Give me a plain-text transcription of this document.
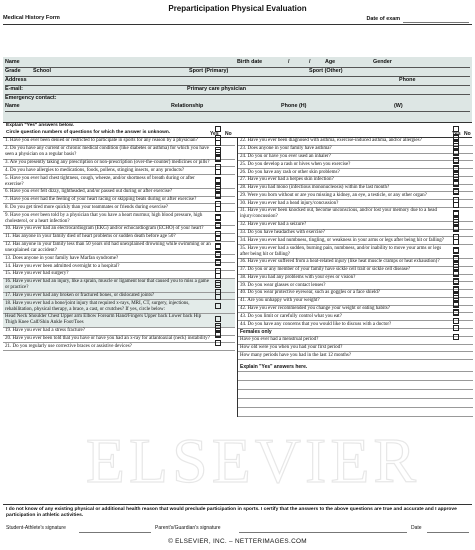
ELSEVIER
Preparticipation Physical Evaluation
Medical History Form	Date of exam
Name	Birth date	/	/	Age	Gender
Grade School	Sport (Primary)	Sport (Other)
Address	Phone
E-mail:	Primary care physician
Emergency contact:
Name	Relationship	Phone (H)	(W)
Explain "Yes" answers below.
Circle question numbers of questions for which the answer is unknown.	Yes No	Yes No
1. Have you ever been denied or restricted to participate in sports for any reason by a physician?
2. Do you have any current or chronic medical condition (like diabetes or asthma) for which you have seen a physician on a regular basis?
3. Are you presently taking any prescription or non-prescription (over-the-counter) medicines or pills?
4. Do you have allergies to medications, foods, pollens, stinging insects, or any products?
5. Have you ever had chest tightness, cough, wheeze, and/or shortness of breath during or after exercise?
6. Have you ever felt dizzy, lightheaded, and/or passed out during or after exercise?
7. Have you ever had the feeling of your heart racing or skipping beats during or after exercise?
8. Do you get tired more quickly than your teammates or friends during exercise?
9. Have you ever been told by a physician that you have a heart murmur, high blood pressure, high cholesterol, or a heart infection?
10. Have you ever had an electrocardiogram (EKG) and/or echocardiogram (ECHO) of your heart?
11. Has anyone in your family died of heart problems or sudden death before age 50?
12. Has anyone in your family less than 50 years old had unexplained drowning while swimming or an unexplained car accident?
13. Does anyone in your family have Marfan syndrome?
14. Have you ever been admitted overnight to a hospital?
15. Have you ever had surgery?
16. Have you ever had an injury, like a sprain, muscle or ligament tear that caused you to miss a game or practice?
17. Have you ever had any broken or fractured bones, or dislocated joints?
18. Have you ever had a bone/joint injury that required x-rays, MRI, CT, surgery, injections, rehabilitation, physical therapy, a brace, a cast, or crutches? If yes, circle below:
Head Neck Shoulder Chest Upper arm Elbow Forearm Hand/Fingers Upper back Lower back Hip Thigh Knee Calf/Shin Ankle Foot/Toes
19. Have you ever had a stress fracture?
20. Have you ever been told that you have or have you had an x-ray for atlantoaxial (neck) instability?
21. Do you regularly use corrective braces or assistive devices?
22. Have you ever been diagnosed with asthma, exercise-induced asthma, and/or allergies?
23. Does anyone in your family have asthma?
24. Do you or have you ever used an inhaler?
25. Do you develop a rash or hives when you exercise?
26. Do you have any rash or other skin problems?
27. Have you ever had a herpes skin infection?
28. Have you had mono (infectious mononucleosis) within the last month?
29. Were you born without or are you missing a kidney, an eye, a testicle, or any other organ?
30. Have you ever had a head injury/concussion?
31. Have you ever been knocked out, become unconscious, and/or lost your memory due to a head injury/concussion?
32. Have you ever had a seizure?
33. Do you have headaches with exercise?
34. Have you ever had numbness, tingling, or weakness in your arms or legs after being hit or falling?
35. Have you ever had a sudden, burning pain, numbness, and/or inability to move your arms or legs after being hit or falling?
36. Have you ever suffered from a heat-related injury (like heat muscle cramps or heat exhaustion)?
37. Do you or any member of your family have sickle cell trait or sickle cell disease?
38. Have you had any problems with your eyes or vision?
39. Do you wear glasses or contact lenses?
40. Do you wear protective eyewear, such as goggles or a face shield?
41. Are you unhappy with your weight?
42. Have you ever recommended you change your weight or eating habits?
43. Do you limit or carefully control what you eat?
44. Do you have any concerns that you would like to discuss with a doctor?
Females only
Have you ever had a menstrual period?
How old were you when you had your first period?
How many periods have you had in the last 12 months?
Explain "Yes" answers here.
I do not know of any existing physical or additional health reason that would preclude participation in sports. I certify that the answers to the above questions are true and accurate and I approve participation in athletic activities.
Student-Athlete's signature	Parent's/Guardian's signature	Date
© ELSEVIER, INC. – NETTERIMAGES.COM
